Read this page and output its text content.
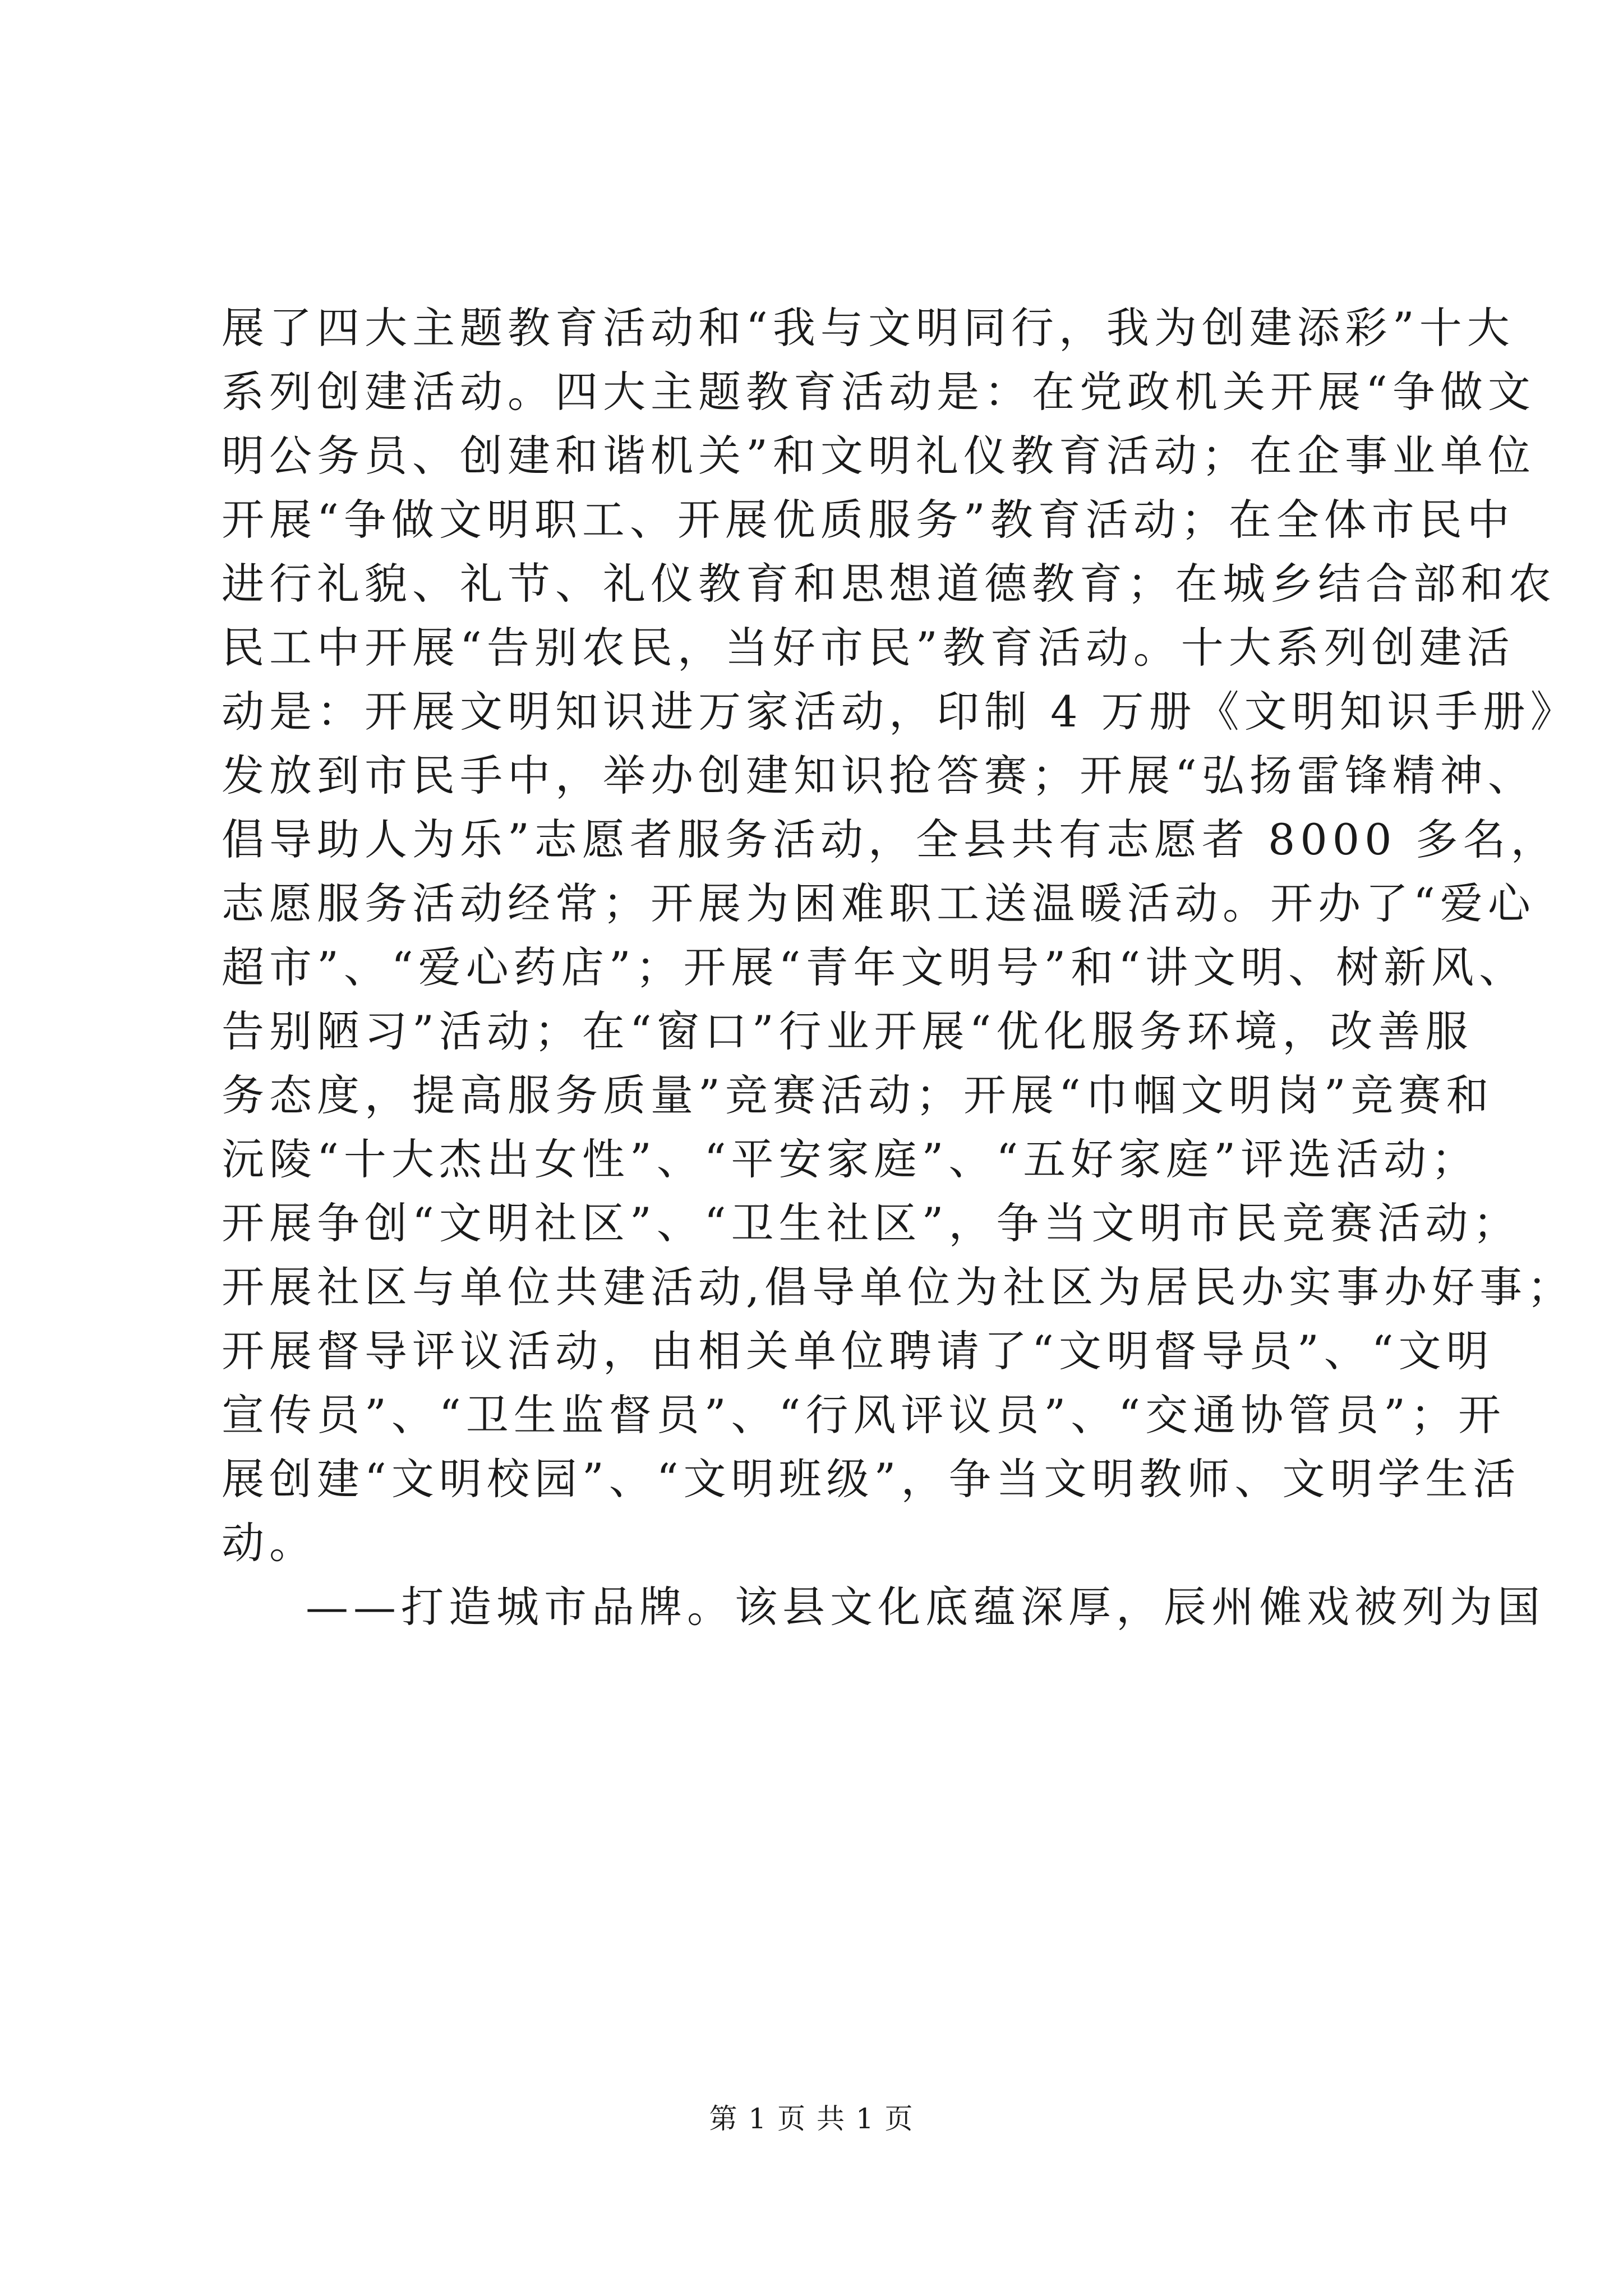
展了四大主题教育活动和“我与文明同行，我为创建添彩”十大
系列创建活动。四大主题教育活动是：在党政机关开展“争做文
明公务员、创建和谐机关”和文明礼仪教育活动；在企事业单位
开展“争做文明职工、开展优质服务”教育活动；在全体市民中
进行礼貌、礼节、礼仪教育和思想道德教育；在城乡结合部和农
民工中开展“告别农民，当好市民”教育活动。十大系列创建活
动是：开展文明知识进万家活动，印制 4 万册《文明知识手册》
发放到市民手中，举办创建知识抢答赛；开展“弘扬雷锋精神、
倡导助人为乐”志愿者服务活动，全县共有志愿者 8000 多名，
志愿服务活动经常；开展为困难职工送温暖活动。开办了“爱心
超市”、“爱心药店”；开展“青年文明号”和“讲文明、树新风、
告别陋习”活动；在“窗口”行业开展“优化服务环境，改善服
务态度，提高服务质量”竞赛活动；开展“巾帼文明岗”竞赛和
沅陵“十大杰出女性”、“平安家庭”、“五好家庭”评选活动；
开展争创“文明社区”、“卫生社区”，争当文明市民竞赛活动；
开展社区与单位共建活动,倡导单位为社区为居民办实事办好事；
开展督导评议活动，由相关单位聘请了“文明督导员”、“文明
宣传员”、“卫生监督员”、“行风评议员”、“交通协管员”；开
展创建“文明校园”、“文明班级”，争当文明教师、文明学生活
动。
——打造城市品牌。该县文化底蕴深厚，辰州傩戏被列为国
第 1 页 共 1 页
